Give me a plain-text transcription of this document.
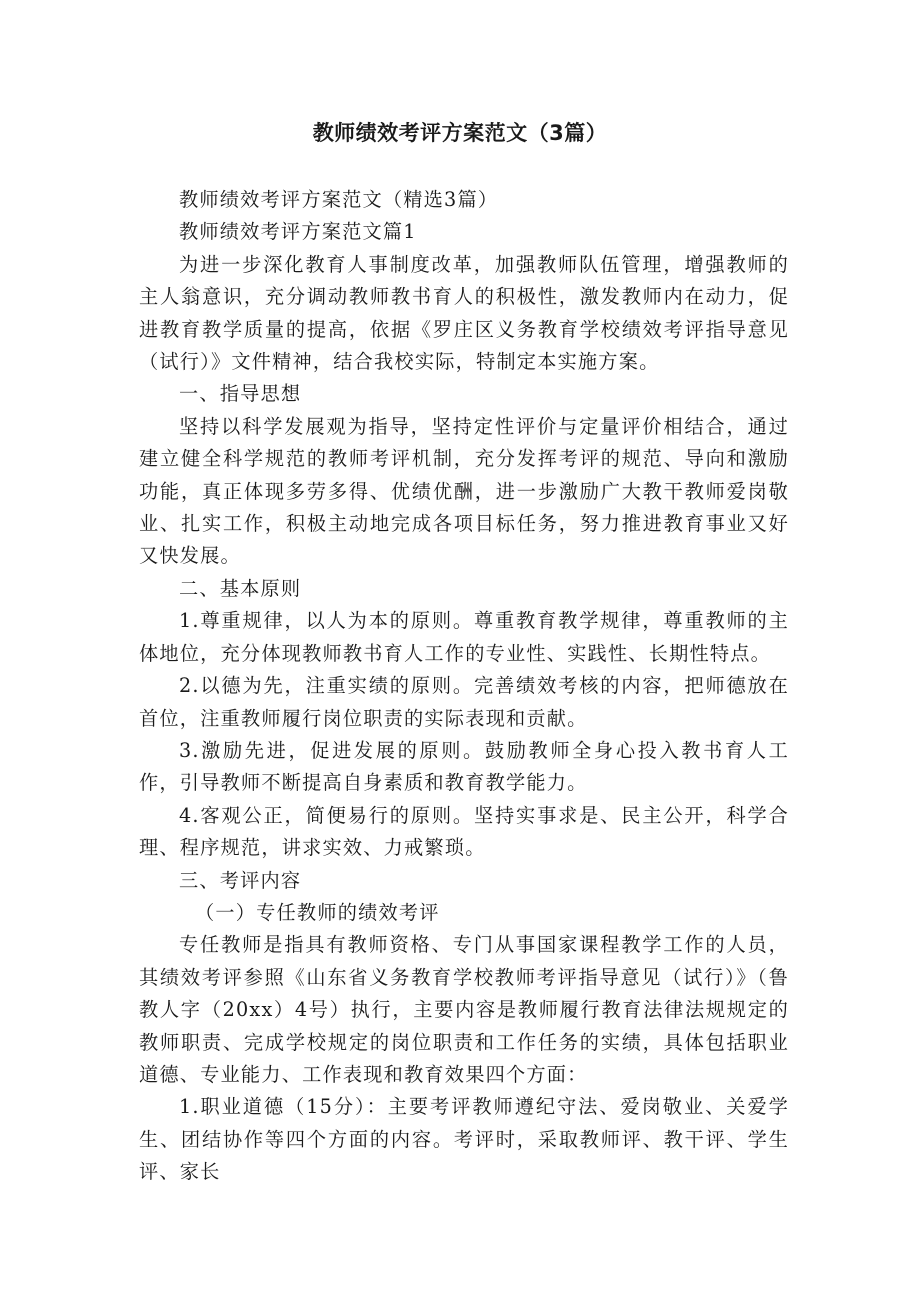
教师绩效考评方案范文（3篇）

教师绩效考评方案范文（精选3篇）

教师绩效考评方案范文篇1

为进一步深化教育人事制度改革，加强教师队伍管理，增强教师的主人翁意识，充分调动教师教书育人的积极性，激发教师内在动力，促进教育教学质量的提高，依据《罗庄区义务教育学校绩效考评指导意见（试行）》文件精神，结合我校实际，特制定本实施方案。

一、指导思想

坚持以科学发展观为指导，坚持定性评价与定量评价相结合，通过建立健全科学规范的教师考评机制，充分发挥考评的规范、导向和激励功能，真正体现多劳多得、优绩优酬，进一步激励广大教干教师爱岗敬业、扎实工作，积极主动地完成各项目标任务，努力推进教育事业又好又快发展。

二、基本原则

1.尊重规律，以人为本的原则。尊重教育教学规律，尊重教师的主体地位，充分体现教师教书育人工作的专业性、实践性、长期性特点。

2.以德为先，注重实绩的原则。完善绩效考核的内容，把师德放在首位，注重教师履行岗位职责的实际表现和贡献。

3.激励先进，促进发展的原则。鼓励教师全身心投入教书育人工作，引导教师不断提高自身素质和教育教学能力。

4.客观公正，简便易行的原则。坚持实事求是、民主公开，科学合理、程序规范，讲求实效、力戒繁琐。

三、考评内容

（一）专任教师的绩效考评

专任教师是指具有教师资格、专门从事国家课程教学工作的人员，其绩效考评参照《山东省义务教育学校教师考评指导意见（试行）》（鲁教人字（20xx）4号）执行，主要内容是教师履行教育法律法规规定的教师职责、完成学校规定的岗位职责和工作任务的实绩，具体包括职业道德、专业能力、工作表现和教育效果四个方面：

1.职业道德（15分）：主要考评教师遵纪守法、爱岗敬业、关爱学生、团结协作等四个方面的内容。考评时，采取教师评、教干评、学生评、家长
